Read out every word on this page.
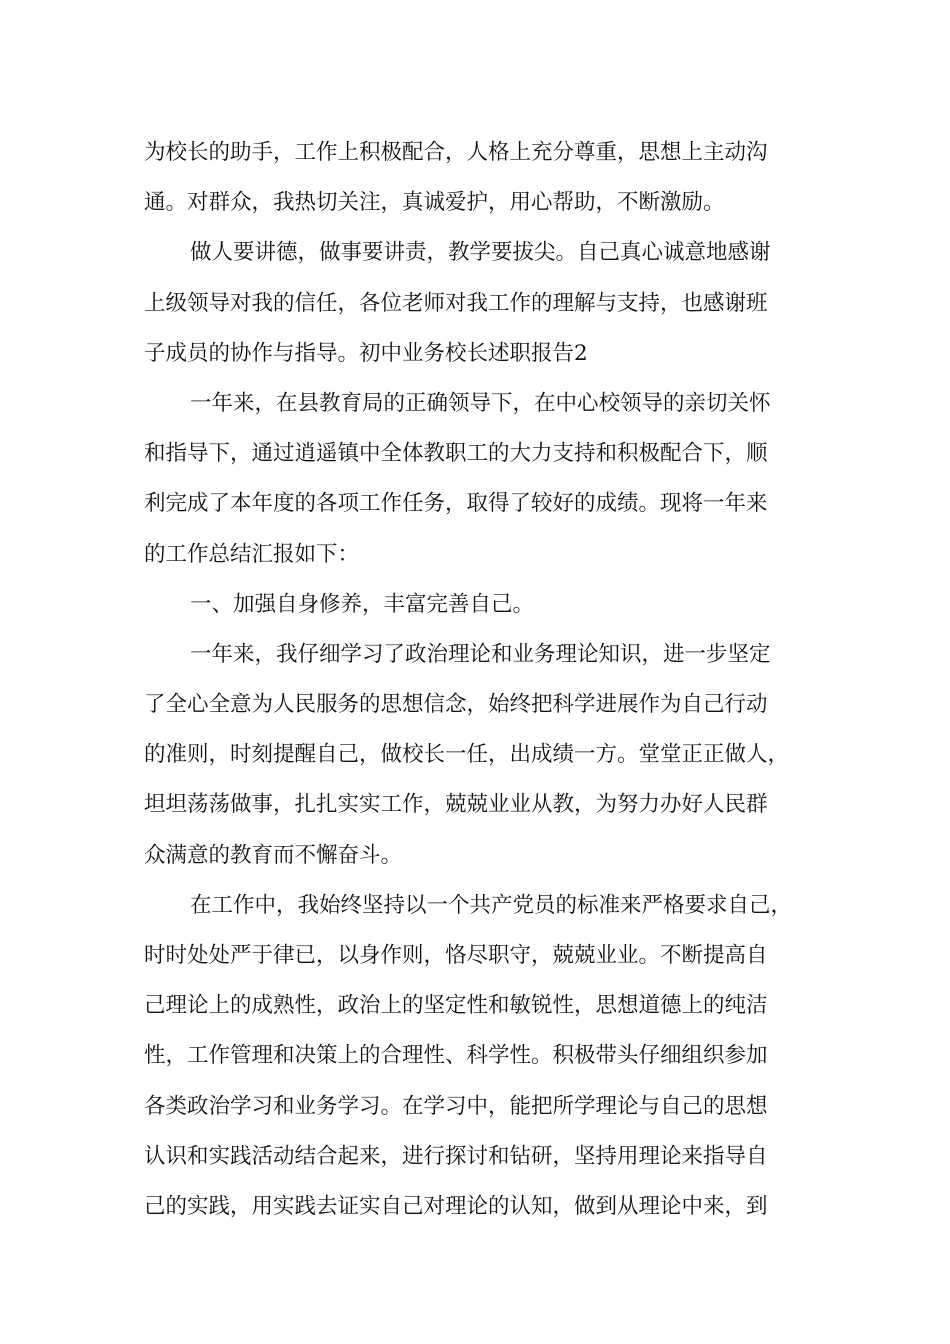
为校长的助手，工作上积极配合，人格上充分尊重，思想上主动沟
通。对群众，我热切关注，真诚爱护，用心帮助，不断激励。
做人要讲德，做事要讲责，教学要拔尖。自己真心诚意地感谢
上级领导对我的信任，各位老师对我工作的理解与支持，也感谢班
子成员的协作与指导。初中业务校长述职报告2
一年来，在县教育局的正确领导下，在中心校领导的亲切关怀
和指导下，通过逍遥镇中全体教职工的大力支持和积极配合下，顺
利完成了本年度的各项工作任务，取得了较好的成绩。现将一年来
的工作总结汇报如下：
一、加强自身修养，丰富完善自己。
一年来，我仔细学习了政治理论和业务理论知识，进一步坚定
了全心全意为人民服务的思想信念，始终把科学进展作为自己行动
的准则，时刻提醒自己，做校长一任，出成绩一方。堂堂正正做人，
坦坦荡荡做事，扎扎实实工作，兢兢业业从教，为努力办好人民群
众满意的教育而不懈奋斗。
在工作中，我始终坚持以一个共产党员的标准来严格要求自己，
时时处处严于律已，以身作则，恪尽职守，兢兢业业。不断提高自
己理论上的成熟性，政治上的坚定性和敏锐性，思想道德上的纯洁
性，工作管理和决策上的合理性、科学性。积极带头仔细组织参加
各类政治学习和业务学习。在学习中，能把所学理论与自己的思想
认识和实践活动结合起来，进行探讨和钻研，坚持用理论来指导自
己的实践，用实践去证实自己对理论的认知，做到从理论中来，到
